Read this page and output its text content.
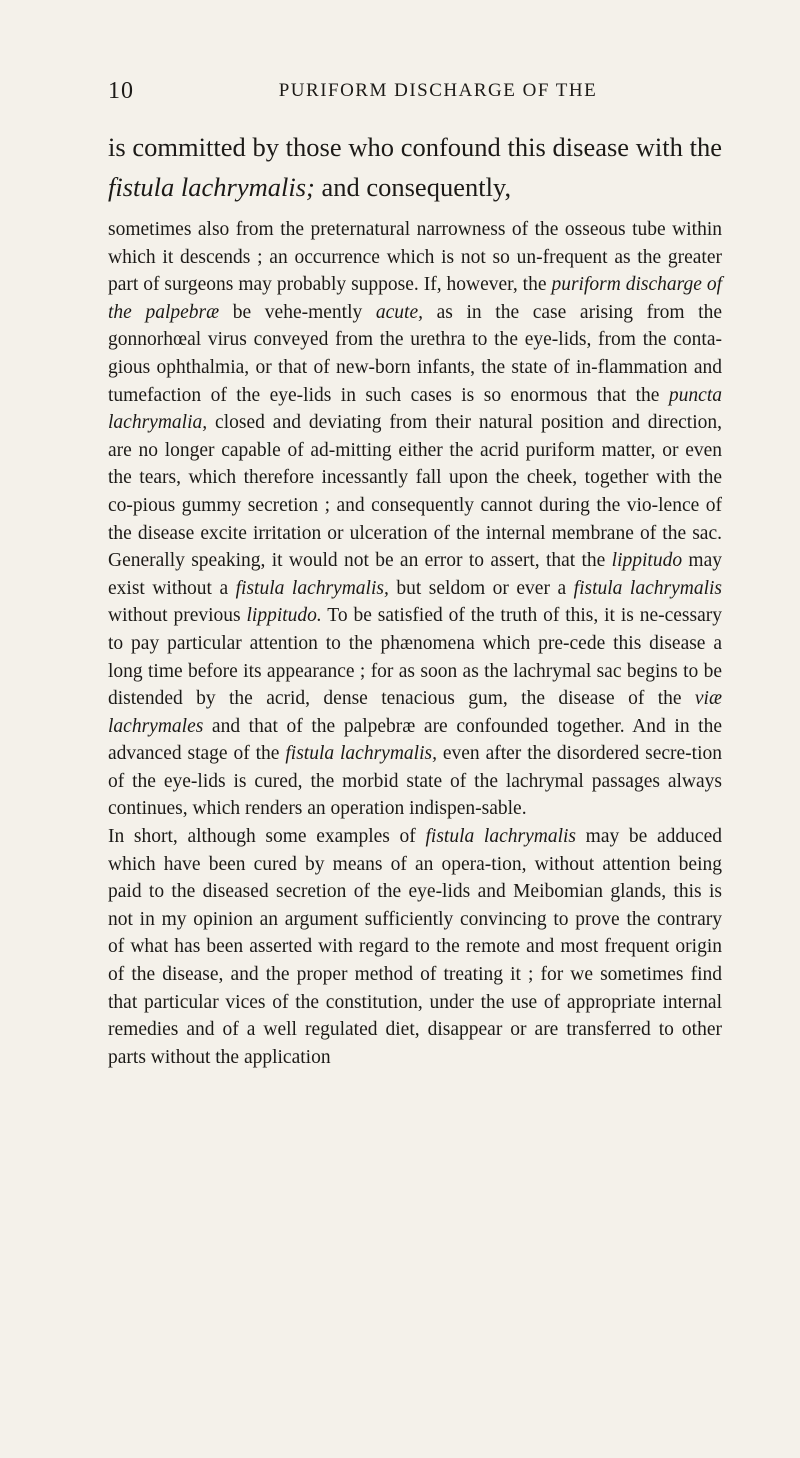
10	PURIFORM DISCHARGE OF THE
is committed by those who confound this disease with the fistula lachrymalis; and consequently,

sometimes also from the preternatural narrowness of the osseous tube within which it descends ; an occurrence which is not so un-frequent as the greater part of surgeons may probably suppose. If, however, the puriform discharge of the palpebræ be vehe-mently acute, as in the case arising from the gonnorhœal virus conveyed from the urethra to the eye-lids, from the conta-gious ophthalmia, or that of new-born infants, the state of in-flammation and tumefaction of the eye-lids in such cases is so enormous that the puncta lachrymalia, closed and deviating from their natural position and direction, are no longer capable of ad-mitting either the acrid puriform matter, or even the tears, which therefore incessantly fall upon the cheek, together with the co-pious gummy secretion ; and consequently cannot during the vio-lence of the disease excite irritation or ulceration of the internal membrane of the sac. Generally speaking, it would not be an error to assert, that the lippitudo may exist without a fistula lachrymalis, but seldom or ever a fistula lachrymalis without previous lippitudo. To be satisfied of the truth of this, it is ne-cessary to pay particular attention to the phænomena which pre-cede this disease a long time before its appearance ; for as soon as the lachrymal sac begins to be distended by the acrid, dense tenacious gum, the disease of the viæ lachrymales and that of the palpebræ are confounded together. And in the advanced stage of the fistula lachrymalis, even after the disordered secre-tion of the eye-lids is cured, the morbid state of the lachrymal passages always continues, which renders an operation indispen-sable.

In short, although some examples of fistula lachrymalis may be adduced which have been cured by means of an opera-tion, without attention being paid to the diseased secretion of the eye-lids and Meibomian glands, this is not in my opinion an argument sufficiently convincing to prove the contrary of what has been asserted with regard to the remote and most frequent origin of the disease, and the proper method of treating it ; for we sometimes find that particular vices of the constitution, under the use of appropriate internal remedies and of a well regulated diet, disappear or are transferred to other parts without the application
